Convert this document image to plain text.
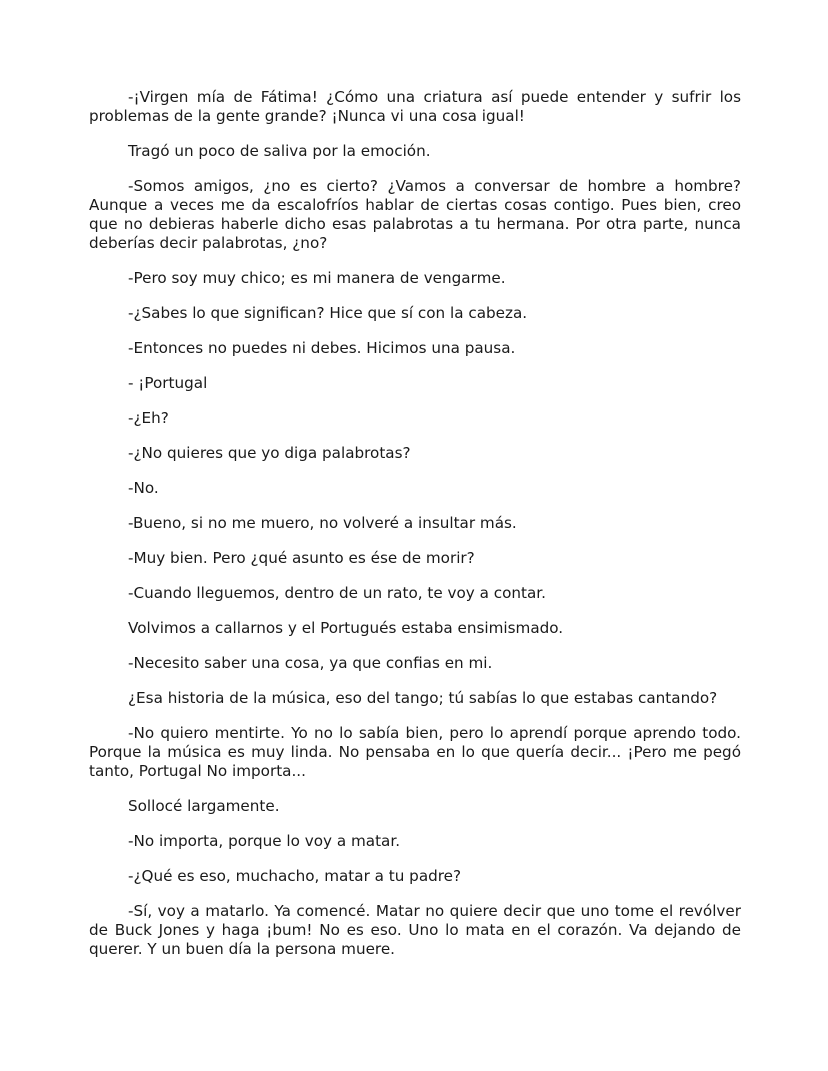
-¡Virgen mía de Fátima! ¿Cómo una criatura así puede entender y sufrir los problemas de la gente grande? ¡Nunca vi una cosa igual!

Tragó un poco de saliva por la emoción.

-Somos amigos, ¿no es cierto? ¿Vamos a conversar de hombre a hombre? Aunque a veces me da escalofríos hablar de ciertas cosas contigo. Pues bien, creo que no debieras haberle dicho esas palabrotas a tu hermana. Por otra parte, nunca deberías decir palabrotas, ¿no?

-Pero soy muy chico; es mi manera de vengarme.

-¿Sabes lo que significan? Hice que sí con la cabeza.

-Entonces no puedes ni debes. Hicimos una pausa.

- ¡Portugal

-¿Eh?

-¿No quieres que yo diga palabrotas?

-No.

-Bueno, si no me muero, no volveré a insultar más.

-Muy bien. Pero ¿qué asunto es ése de morir?

-Cuando lleguemos, dentro de un rato, te voy a contar.

Volvimos a callarnos y el Portugués estaba ensimismado.

-Necesito saber una cosa, ya que confias en mi.

¿Esa historia de la música, eso del tango; tú sabías lo que estabas cantando?

-No quiero mentirte. Yo no lo sabía bien, pero lo aprendí porque aprendo todo. Porque la música es muy linda. No pensaba en lo que quería decir... ¡Pero me pegó tanto, Portugal No importa...

Sollocé largamente.

-No importa, porque lo voy a matar.

-¿Qué es eso, muchacho, matar a tu padre?

-Sí, voy a matarlo. Ya comencé. Matar no quiere decir que uno tome el revólver de Buck Jones y haga ¡bum! No es eso. Uno lo mata en el corazón. Va dejando de querer. Y un buen día la persona muere.
